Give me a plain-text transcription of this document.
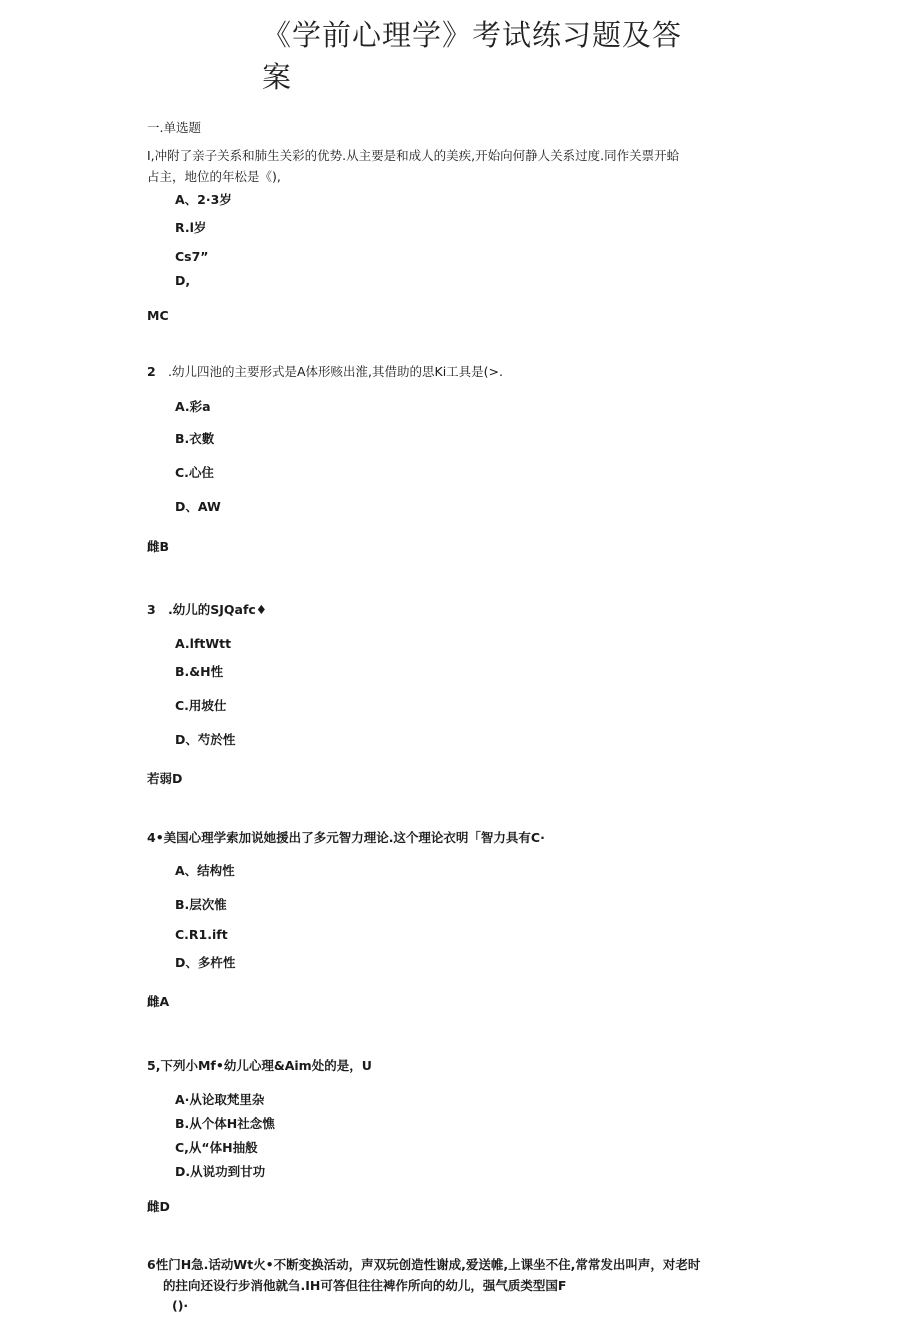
《学前心理学》考试练习题及答案
一.单选题
I,冲附了亲子关系和肺生关彩的优势.从主要是和成人的美疾,开始向何静人关系过度.同作关票开蛤占主，地位的年松是《),
A、2·3岁
R.l岁
Cs7”
D,
MC
2 .幼儿四池的主要形式是A体形赅出淮,其借助的思Ki工具是(>.
A.彩a
B.衣數
C.心住
D、AW
雌B
3 .幼儿的SJQafc♦
A.lftWtt
B.&H性
C.用坡仕
D、芍於性
若弱D
4•美国心理学索加说她援出了多元智力理论.这个理论衣明「智力具有C·
A、结构性
B.层次惟
C.R1.ift
D、多杵性
雌A
5,下列小Mf•幼儿心理&Aim处的是，U
A·从论取梵里杂
B.从个体H社念憔
C,从“体H抽般
D.从说功到甘功
雌D
6性门H急.话动Wt火•不断变换活动，声双玩创造性谢成,爱送帷,上课坐不住,常常发出叫声，对老时
的拄向还设行步消他就刍.IH可答但往往裨作所向的幼儿，强气质类型国F
()·
